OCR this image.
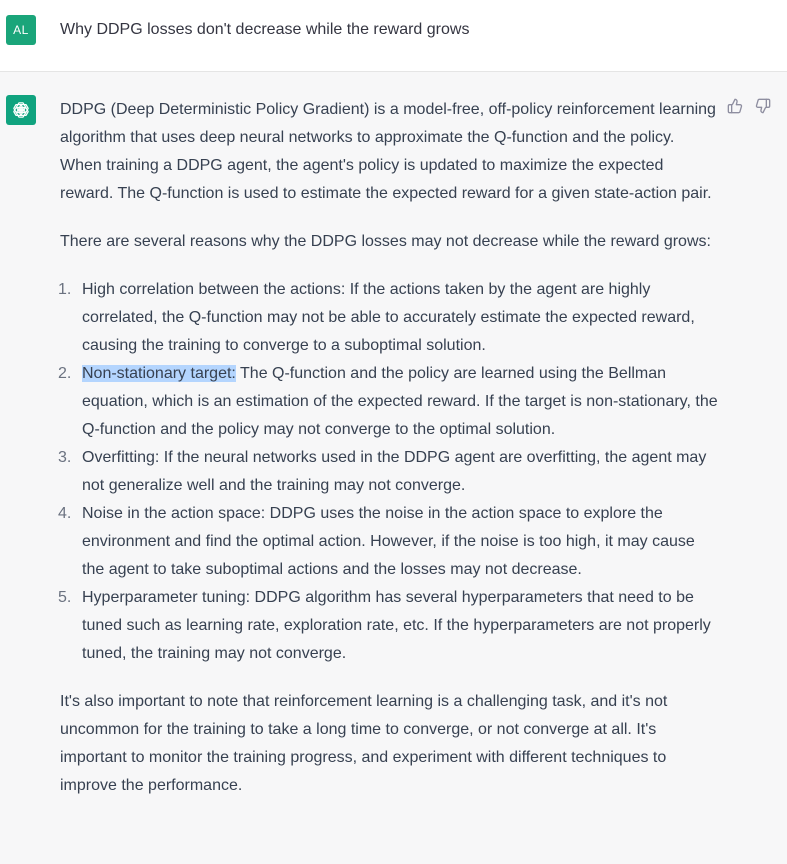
AL	Why DDPG losses don't decrease while the reward grows

DDPG (Deep Deterministic Policy Gradient) is a model-free, off-policy reinforcement learning algorithm that uses deep neural networks to approximate the Q-function and the policy. When training a DDPG agent, the agent's policy is updated to maximize the expected reward. The Q-function is used to estimate the expected reward for a given state-action pair.

There are several reasons why the DDPG losses may not decrease while the reward grows:

1. High correlation between the actions: If the actions taken by the agent are highly correlated, the Q-function may not be able to accurately estimate the expected reward, causing the training to converge to a suboptimal solution.
2. Non-stationary target: The Q-function and the policy are learned using the Bellman equation, which is an estimation of the expected reward. If the target is non-stationary, the Q-function and the policy may not converge to the optimal solution.
3. Overfitting: If the neural networks used in the DDPG agent are overfitting, the agent may not generalize well and the training may not converge.
4. Noise in the action space: DDPG uses the noise in the action space to explore the environment and find the optimal action. However, if the noise is too high, it may cause the agent to take suboptimal actions and the losses may not decrease.
5. Hyperparameter tuning: DDPG algorithm has several hyperparameters that need to be tuned such as learning rate, exploration rate, etc. If the hyperparameters are not properly tuned, the training may not converge.

It's also important to note that reinforcement learning is a challenging task, and it's not uncommon for the training to take a long time to converge, or not converge at all. It's important to monitor the training progress, and experiment with different techniques to improve the performance.
